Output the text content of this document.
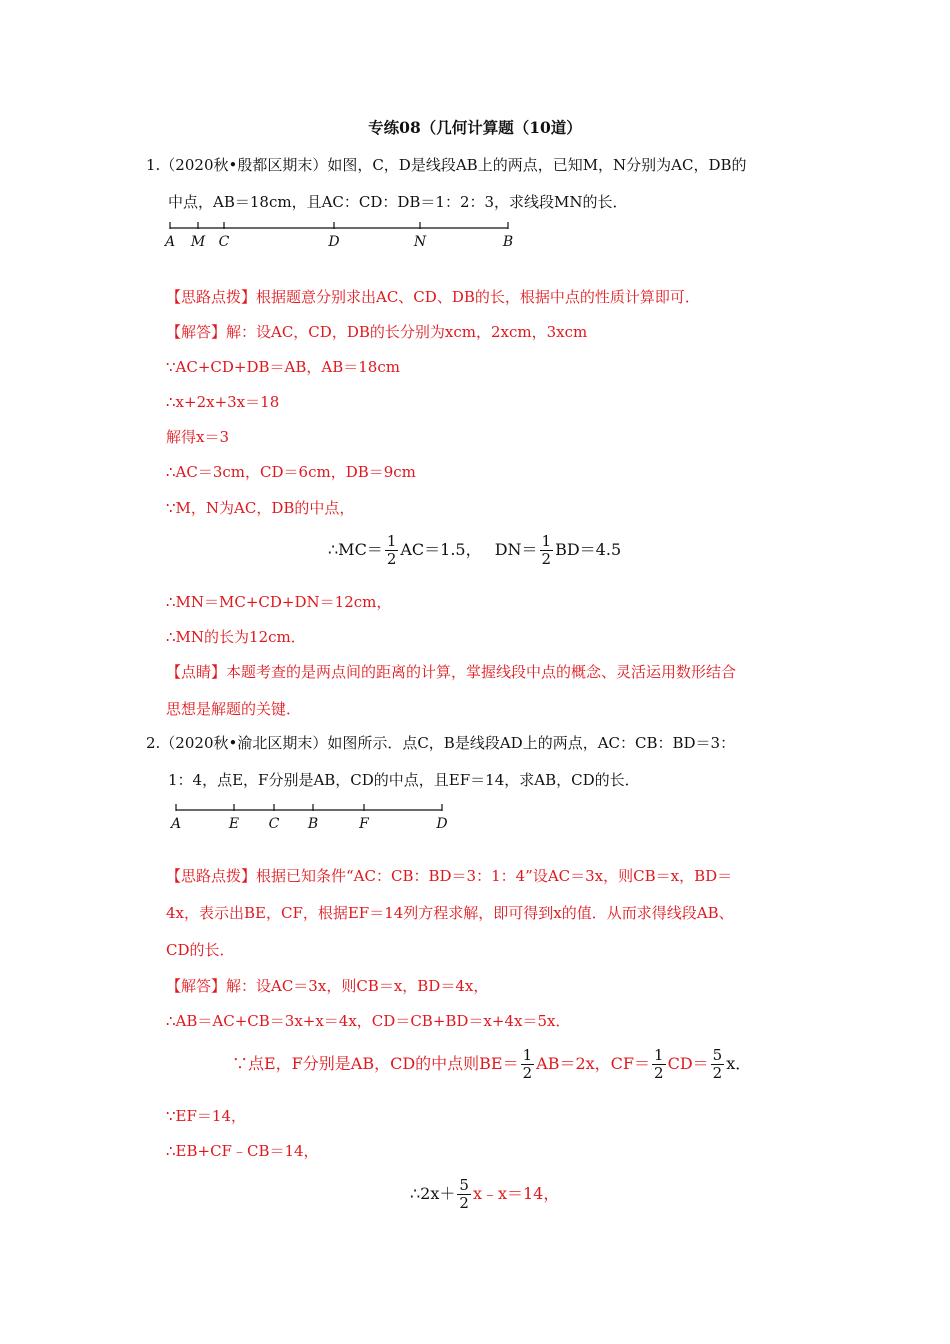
专练08（几何计算题（10道）
1.（2020秋•殷都区期末）如图，C，D是线段AB上的两点，已知M，N分别为AC，DB的
中点，AB＝18cm，且AC：CD：DB＝1：2：3，求线段MN的长．
A M C	D	N	B
【思路点拨】根据题意分别求出AC、CD、DB的长，根据中点的性质计算即可．
【解答】解：设AC，CD，DB的长分别为xcm，2xcm，3xcm
∵AC+CD+DB＝AB，AB＝18cm
∴x+2x+3x＝18
解得x＝3
∴AC＝3cm，CD＝6cm，DB＝9cm
∵M，N为AC，DB的中点，
∴MC＝ $\frac{1}{2} AC=1.5$， $DN= \frac{1}{2} BD=4.5$
∴MN＝MC+CD+DN＝12cm，
∴MN的长为12cm．
【点睛】本题考查的是两点间的距离的计算，掌握线段中点的概念、灵活运用数形结合
思想是解题的关键．
2.（2020秋•渝北区期末）如图所示．点C，B是线段AD上的两点，AC：CB：BD＝3：
1：4，点E，F分别是AB，CD的中点，且EF＝14，求AB，CD的长．
A	E C B	F	D
【思路点拨】根据已知条件“AC：CB：BD＝3：1：4”设AC＝3x，则CB＝x，BD＝
4x，表示出BE，CF，根据EF＝14列方程求解，即可得到x的值．从而求得线段AB、
CD的长．
【解答】解：设AC＝3x，则CB＝x，BD＝4x，
∴AB＝AC+CB＝3x+x＝4x，CD＝CB+BD＝x+4x＝5x．
∵点E，F分别是AB，CD的中点则$BE= \frac{1}{2} AB=2x$，$CF= \frac{1}{2} CD= \frac{5}{2}$ x．
∵EF＝14，
∴EB+CF﹣CB＝14，
∴2x＋ $\frac{5}{2}$ x﹣x＝14，
